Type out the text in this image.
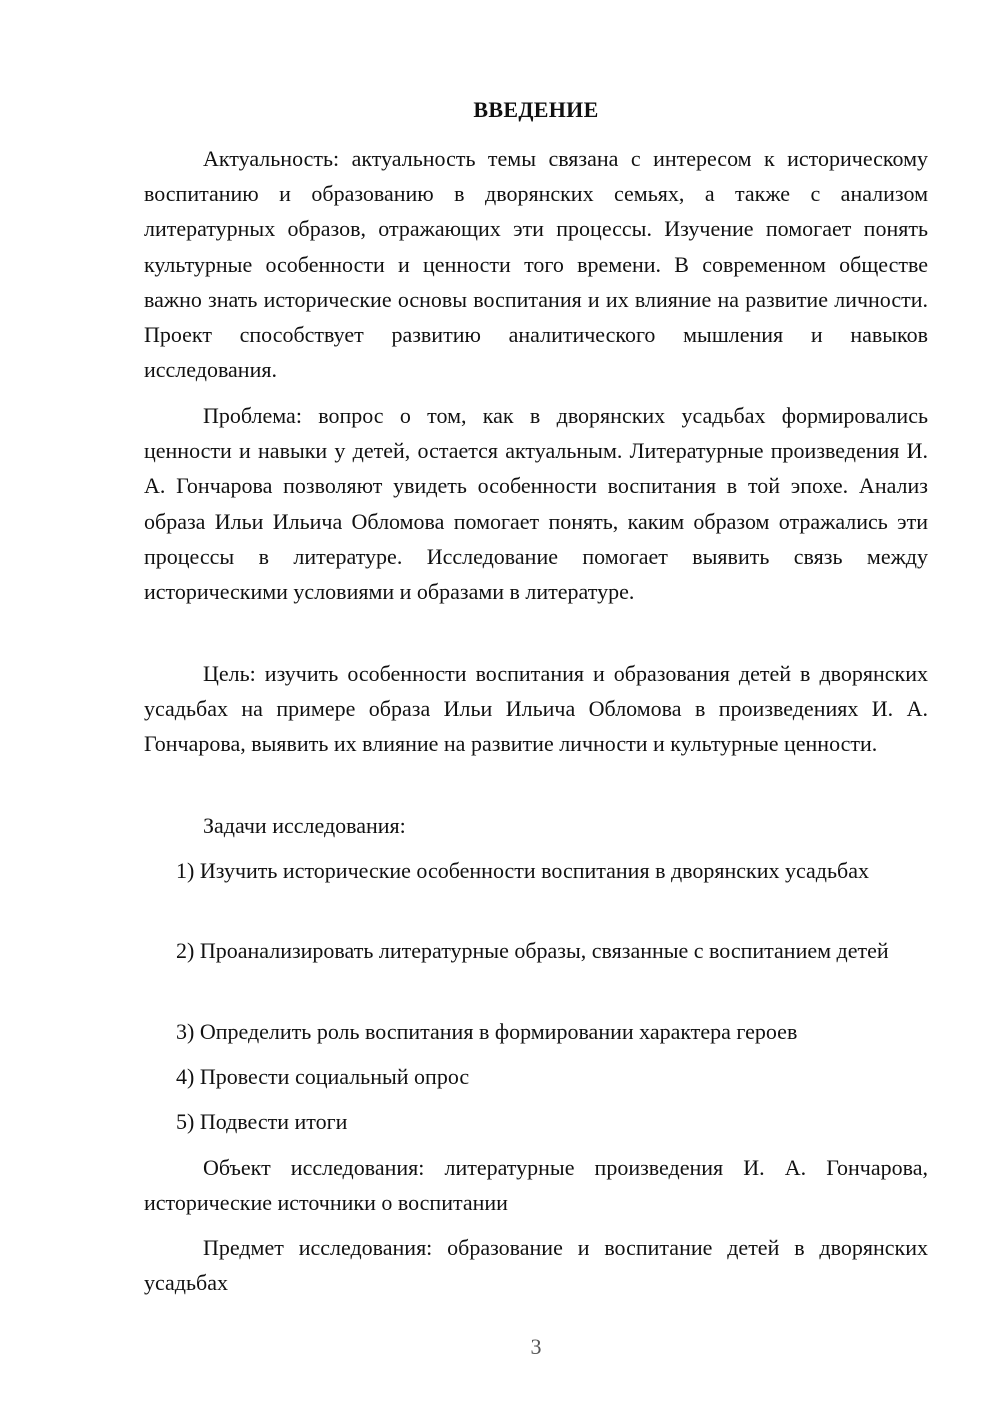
ВВЕДЕНИЕ

Актуальность: актуальность темы связана с интересом к историческому воспитанию и образованию в дворянских семьях, а также с анализом литературных образов, отражающих эти процессы. Изучение помогает понять культурные особенности и ценности того времени. В современном обществе важно знать исторические основы воспитания и их влияние на развитие личности. Проект способствует развитию аналитического мышления и навыков исследования.

Проблема: вопрос о том, как в дворянских усадьбах формировались ценности и навыки у детей, остается актуальным. Литературные произведения И. А. Гончарова позволяют увидеть особенности воспитания в той эпохе. Анализ образа Ильи Ильича Обломова помогает понять, каким образом отражались эти процессы в литературе. Исследование помогает выявить связь между историческими условиями и образами в литературе.

Цель: изучить особенности воспитания и образования детей в дворянских усадьбах на примере образа Ильи Ильича Обломова в произведениях И. А. Гончарова, выявить их влияние на развитие личности и культурные ценности.

Задачи исследования:

1) Изучить исторические особенности воспитания в дворянских усадьбах

2) Проанализировать литературные образы, связанные с воспитанием детей

3) Определить роль воспитания в формировании характера героев

4) Провести социальный опрос

5) Подвести итоги

Объект исследования: литературные произведения И. А. Гончарова, исторические источники о воспитании

Предмет исследования: образование и воспитание детей в дворянских усадьбах

3
